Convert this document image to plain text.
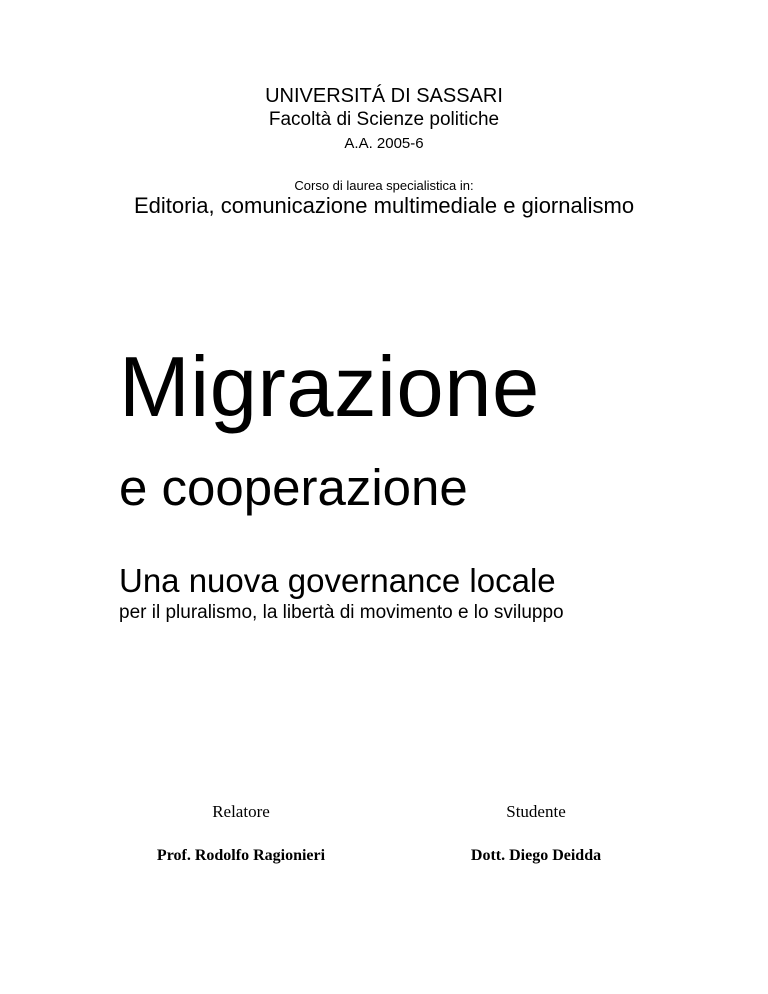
UNIVERSITÁ DI SASSARI
Facoltà di Scienze politiche
A.A. 2005-6
Corso di laurea specialistica in:
Editoria, comunicazione multimediale e giornalismo
Migrazione
e cooperazione
Una nuova governance locale
per il pluralismo, la libertà di movimento e lo sviluppo
Relatore
Prof. Rodolfo Ragionieri
Studente
Dott. Diego Deidda
